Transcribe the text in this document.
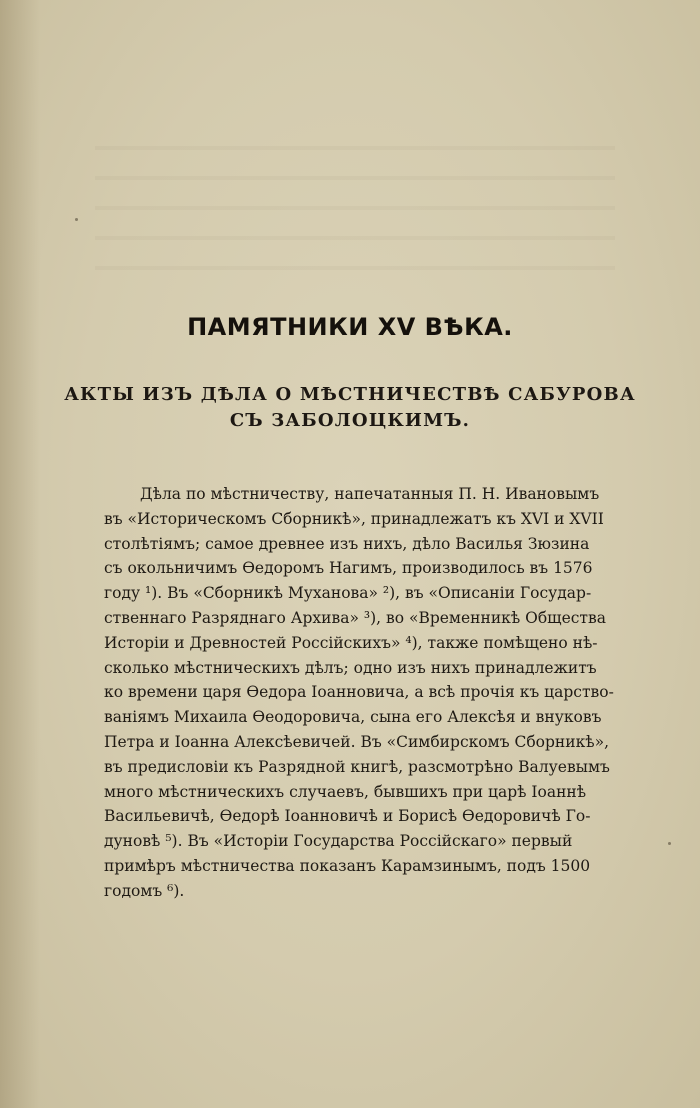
ПАМЯТНИКИ XV ВѢКА.
АКТЫ ИЗЪ ДѢЛА О МѢСТНИЧЕСТВѢ САБУРОВА
СЪ ЗАБОЛОЦКИМЪ.
Дѣла по мѣстничеству, напечатанныя П. Н. Ивановымъ
въ «Историческомъ Сборникѣ», принадлежатъ къ XVI и XVII
столѣтіямъ; самое древнее изъ нихъ, дѣло Василья Зюзина
съ окольничимъ Ѳедоромъ Нагимъ, производилось въ 1576
году ¹). Въ «Сборникѣ Муханова» ²), въ «Описаніи Государ-
ственнаго Разряднаго Архива» ³), во «Временникѣ Общества
Исторіи и Древностей Россійскихъ» ⁴), также помѣщено нѣ-
сколько мѣстническихъ дѣлъ; одно изъ нихъ принадлежитъ
ко времени царя Ѳедора Іоанновича, а всѣ прочія къ царство-
ваніямъ Михаила Ѳеодоровича, сына его Алексѣя и внуковъ
Петра и Іоанна Алексѣевичей. Въ «Симбирскомъ Сборникѣ»,
въ предисловіи къ Разрядной книгѣ, разсмотрѣно Валуевымъ
много мѣстническихъ случаевъ, бывшихъ при царѣ Іоаннѣ
Васильевичѣ, Ѳедорѣ Іоанновичѣ и Борисѣ Ѳедоровичѣ Го-
дуновѣ ⁵). Въ «Исторіи Государства Россійскаго» первый
примѣръ мѣстничества показанъ Карамзинымъ, подъ 1500
годомъ ⁶).
